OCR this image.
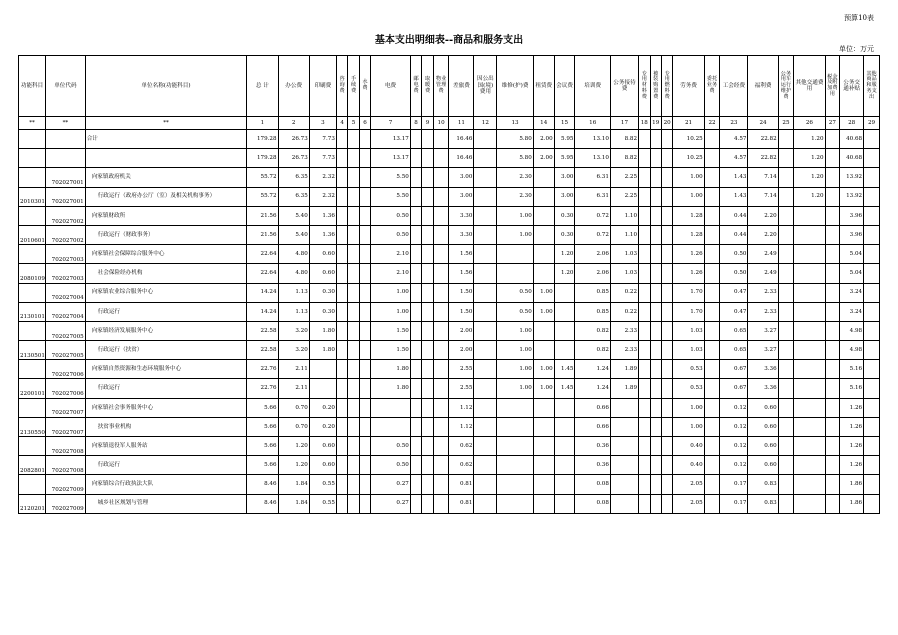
预算10表
基本支出明细表--商品和服务支出
单位：万元
功能科目	单位代码	单位名称(功能科目)	总 计	办公费	印刷费	咨询费	手续费	水费	电费	邮电费	取暖费	物业管理费	差旅费	因公出国(境)费用	维修(护)费	租赁费	会议费	培训费	公务接待费	专用材料费	被装购置费	专用燃料费	劳务费	委托业务费	工会经费	福利费	公务用车运行维护费	其他交通费用	税金及附加费用	公务交通补贴	其他商品和服务支出
**	**	**	1	2	3	4	5	6	7	8	9	10	11	12	13	14	15	16	17	18	19	20	21	22	23	24	25	26	27	28	29
		合计	179.28	26.73	7.73				13.17				16.46		5.80	2.00	5.95	13.10	8.82				10.25		4.57	22.82		1.20		40.68	
			179.28	26.73	7.73				13.17				16.46		5.80	2.00	5.95	13.10	8.82				10.25		4.57	22.82		1.20		40.68	
	702027001	向家镇政府机关	55.72	6.35	2.32				5.50				3.00		2.30		3.00	6.31	2.25				1.00		1.43	7.14		1.20		13.92	
2010301	702027001	行政运行（政府办公厅（室）及相关机构事务）	55.72	6.35	2.32				5.50				3.00		2.30		3.00	6.31	2.25				1.00		1.43	7.14		1.20		13.92	
	702027002	向家镇财政所	21.56	5.40	1.36				0.50				3.30		1.00		0.30	0.72	1.10				1.28		0.44	2.20				3.96	
2010601	702027002	行政运行（财政事务）	21.56	5.40	1.36				0.50				3.30		1.00		0.30	0.72	1.10				1.28		0.44	2.20				3.96	
	702027003	向家镇社会保障综合服务中心	22.64	4.80	0.60				2.10				1.56				1.20	2.06	1.03				1.26		0.50	2.49				5.04	
2080109	702027003	社会保险经办机构	22.64	4.80	0.60				2.10				1.56				1.20	2.06	1.03				1.26		0.50	2.49				5.04	
	702027004	向家镇农业综合服务中心	14.24	1.13	0.30				1.00				1.50		0.50	1.00		0.85	0.22				1.70		0.47	2.33				3.24	
2130101	702027004	行政运行	14.24	1.13	0.30				1.00				1.50		0.50	1.00		0.85	0.22				1.70		0.47	2.33				3.24	
	702027005	向家镇经济发展服务中心	22.58	3.20	1.80				1.50				2.00		1.00			0.82	2.33				1.03		0.65	3.27				4.98	
2130501	702027005	行政运行（扶贫）	22.58	3.20	1.80				1.50				2.00		1.00			0.82	2.33				1.03		0.65	3.27				4.98	
	702027006	向家镇自然资源和生态环境服务中心	22.76	2.11					1.80				2.55		1.00	1.00	1.45	1.24	1.89				0.53		0.67	3.36				5.16	
2200101	702027006	行政运行	22.76	2.11					1.80				2.55		1.00	1.00	1.45	1.24	1.89				0.53		0.67	3.36				5.16	
	702027007	向家镇社会事务服务中心	5.66	0.70	0.20								1.12					0.66					1.00		0.12	0.60				1.26	
2130550	702027007	扶贫事业机构	5.66	0.70	0.20								1.12					0.66					1.00		0.12	0.60				1.26	
	702027008	向家镇退役军人服务站	5.66	1.20	0.60				0.50				0.62					0.36					0.40		0.12	0.60				1.26	
2082801	702027008	行政运行	5.66	1.20	0.60				0.50				0.62					0.36					0.40		0.12	0.60				1.26	
	702027009	向家镇综合行政执法大队	8.46	1.84	0.55				0.27				0.81					0.08					2.05		0.17	0.83				1.86	
2120201	702027009	城乡社区规划与管理	8.46	1.84	0.55				0.27				0.81					0.08					2.05		0.17	0.83				1.86	
